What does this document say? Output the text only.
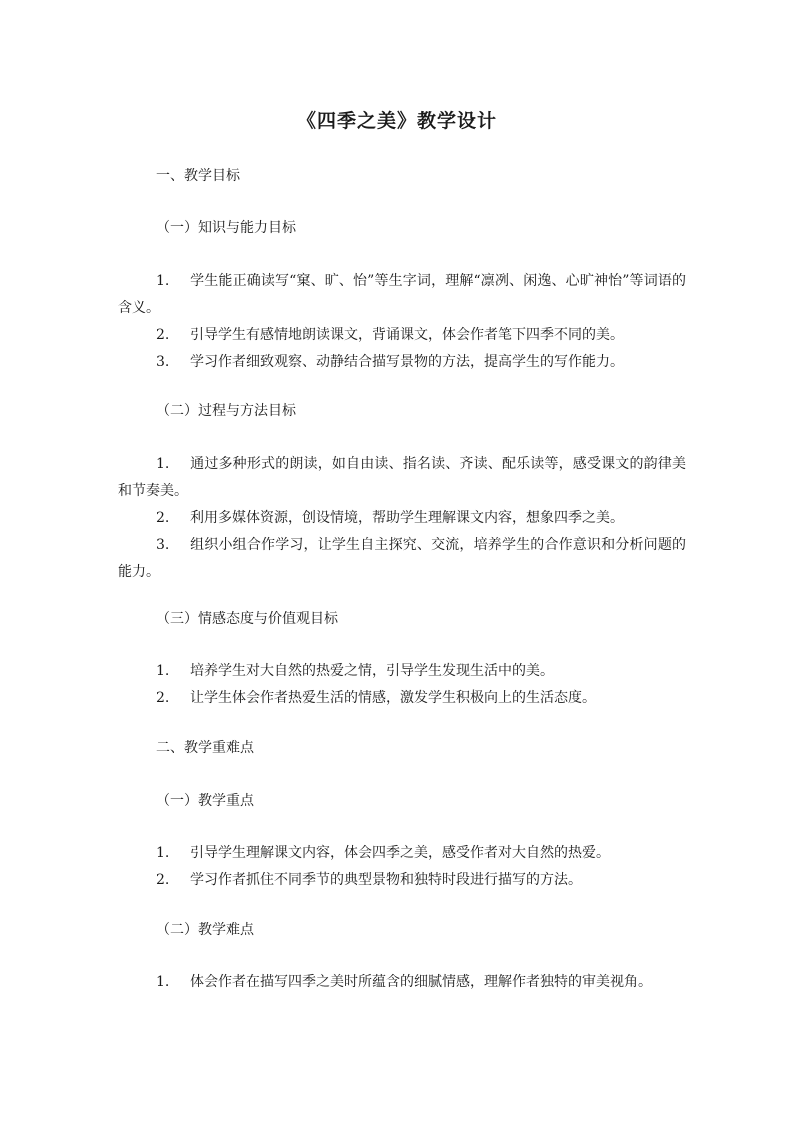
《四季之美》教学设计
一、教学目标
（一）知识与能力目标
1. 学生能正确读写“窠、旷、怡”等生字词，理解“凛冽、闲逸、心旷神怡”等词语的含义。
2. 引导学生有感情地朗读课文，背诵课文，体会作者笔下四季不同的美。
3. 学习作者细致观察、动静结合描写景物的方法，提高学生的写作能力。
（二）过程与方法目标
1. 通过多种形式的朗读，如自由读、指名读、齐读、配乐读等，感受课文的韵律美和节奏美。
2. 利用多媒体资源，创设情境，帮助学生理解课文内容，想象四季之美。
3. 组织小组合作学习，让学生自主探究、交流，培养学生的合作意识和分析问题的能力。
（三）情感态度与价值观目标
1. 培养学生对大自然的热爱之情，引导学生发现生活中的美。
2. 让学生体会作者热爱生活的情感，激发学生积极向上的生活态度。
二、教学重难点
（一）教学重点
1. 引导学生理解课文内容，体会四季之美，感受作者对大自然的热爱。
2. 学习作者抓住不同季节的典型景物和独特时段进行描写的方法。
（二）教学难点
1. 体会作者在描写四季之美时所蕴含的细腻情感，理解作者独特的审美视角。
